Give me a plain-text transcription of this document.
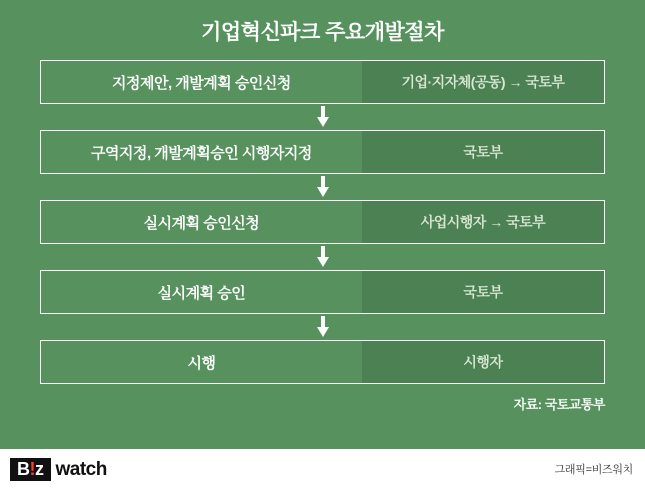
기업혁신파크 주요개발절차
지정제안, 개발계획 승인신청	기업·지자체(공동) → 국토부
구역지정, 개발계획승인 시행자지정	국토부
실시계획 승인신청	사업시행자 → 국토부
실시계획 승인	국토부
시행	시행자
자료: 국토교통부
B!z watch	그래픽=비즈워치
